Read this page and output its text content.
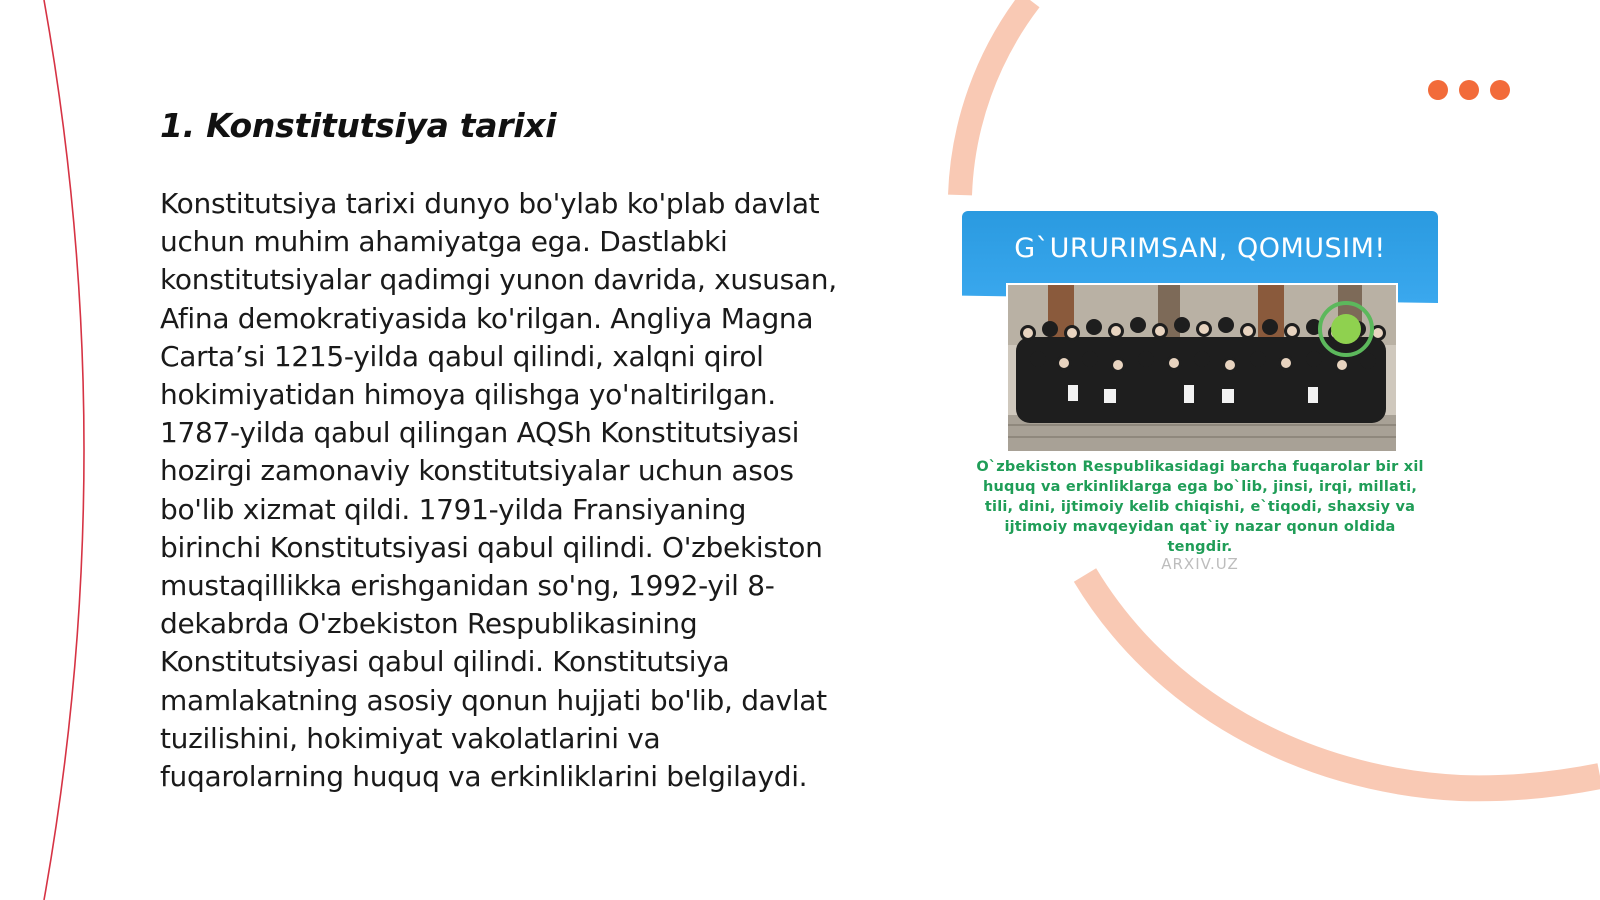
1. Konstitutsiya tarixi

Konstitutsiya tarixi dunyo bo'ylab ko'plab davlat uchun muhim ahamiyatga ega. Dastlabki konstitutsiyalar qadimgi yunon davrida, xususan, Afina demokratiyasida ko'rilgan. Angliya Magna Carta’si 1215-yilda qabul qilindi, xalqni qirol hokimiyatidan himoya qilishga yo'naltirilgan. 1787-yilda qabul qilingan AQSh Konstitutsiyasi hozirgi zamonaviy konstitutsiyalar uchun asos bo'lib xizmat qildi. 1791-yilda Fransiyaning birinchi Konstitutsiyasi qabul qilindi. O'zbekiston mustaqillikka erishganidan so'ng, 1992-yil 8-dekabrda O'zbekiston Respublikasining Konstitutsiyasi qabul qilindi. Konstitutsiya mamlakatning asosiy qonun hujjati bo'lib, davlat tuzilishini, hokimiyat vakolatlarini va fuqarolarning huquq va erkinliklarini belgilaydi.

G`URURIMSAN, QOMUSIM!

O`zbekiston Respublikasidagi barcha fuqarolar bir xil huquq va erkinliklarga ega bo`lib, jinsi, irqi, millati, tili, dini, ijtimoiy kelib chiqishi, e`tiqodi, shaxsiy va ijtimoiy mavqeyidan qat`iy nazar qonun oldida tengdir.

ARXIV.UZ
